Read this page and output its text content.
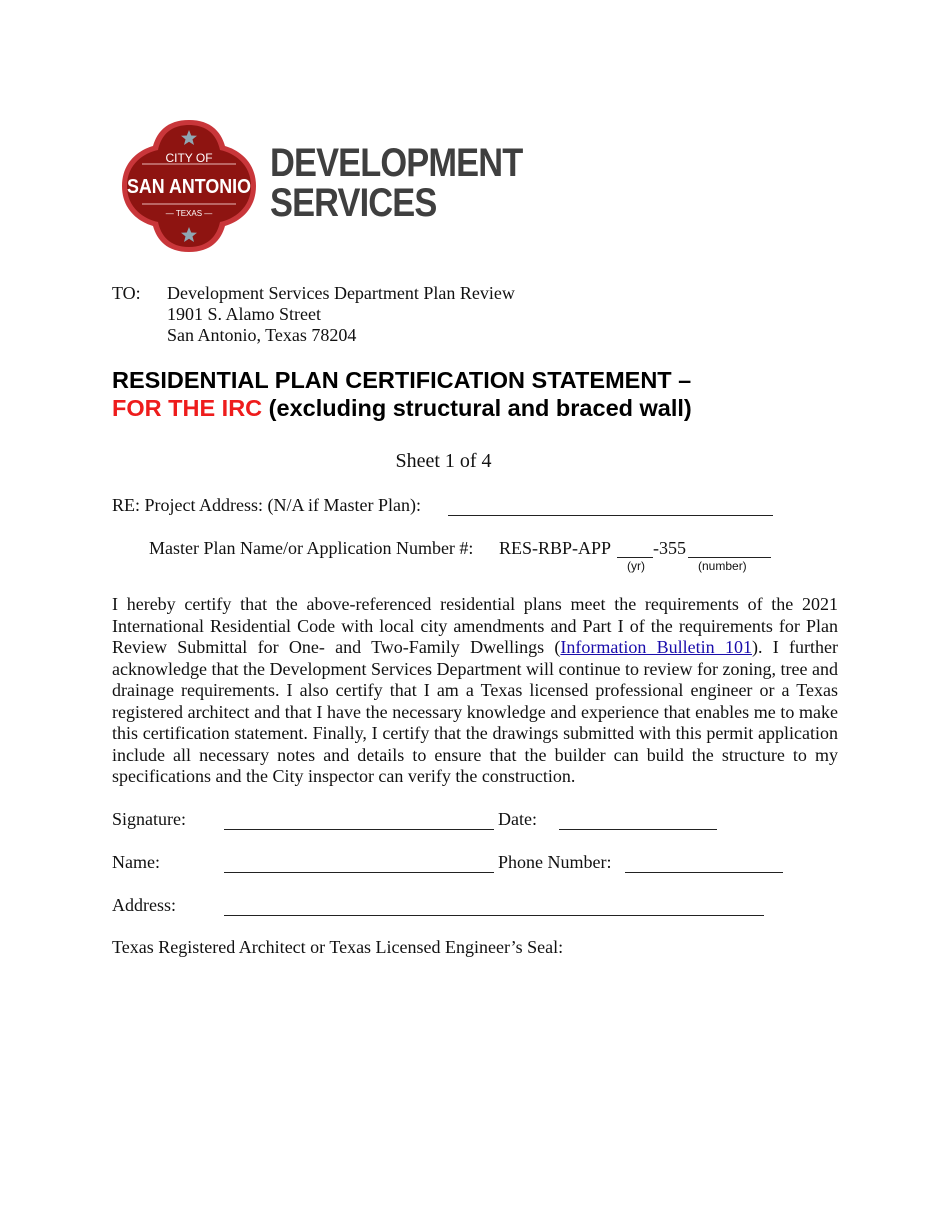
CITY OF
SAN ANTONIO
— TEXAS —
DEVELOPMENT
SERVICES
TO: Development Services Department Plan Review
1901 S. Alamo Street
San Antonio, Texas 78204
RESIDENTIAL PLAN CERTIFICATION STATEMENT –
FOR THE IRC (excluding structural and braced wall)
Sheet 1 of 4
RE: Project Address: (N/A if Master Plan):
Master Plan Name/or Application Number #: RES-RBP-APP -355
(yr)	(number)
I hereby certify that the above-referenced residential plans meet the requirements of the 2021 International Residential Code with local city amendments and Part I of the requirements for Plan Review Submittal for One- and Two-Family Dwellings (Information Bulletin 101). I further acknowledge that the Development Services Department will continue to review for zoning, tree and drainage requirements. I also certify that I am a Texas licensed professional engineer or a Texas registered architect and that I have the necessary knowledge and experience that enables me to make this certification statement. Finally, I certify that the drawings submitted with this permit application include all necessary notes and details to ensure that the builder can build the structure to my specifications and the City inspector can verify the construction.
Signature:	Date:
Name:	Phone Number:
Address:
Texas Registered Architect or Texas Licensed Engineer’s Seal:
